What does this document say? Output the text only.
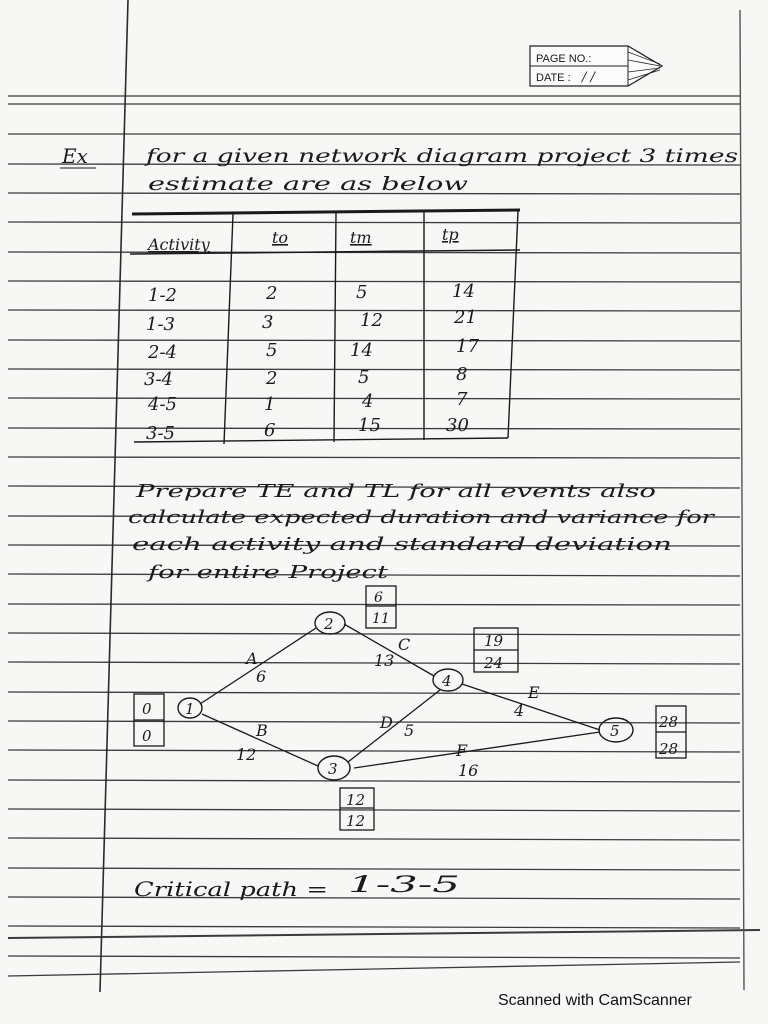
PAGE NO.:
DATE : / /
Ex	for a given network diagram project 3 times
estimate are as below
Activity	to	tm	tp
1-2	2	5	14
1-3	3	12	21
2-4	5	14	17
3-4	2	5	8
4-5	1	4	7
3-5	6	15	30
Prepare TE and TL for all events also
calculate expected duration and variance for
each activity and standard deviation
for entire Project
A
6
B
12
C
13
D 5
E
4
F
16
1
2
3
4
5
0
0
6
11
19
24
28
28
12
12
Critical path = 1-3-5
Scanned with CamScanner
